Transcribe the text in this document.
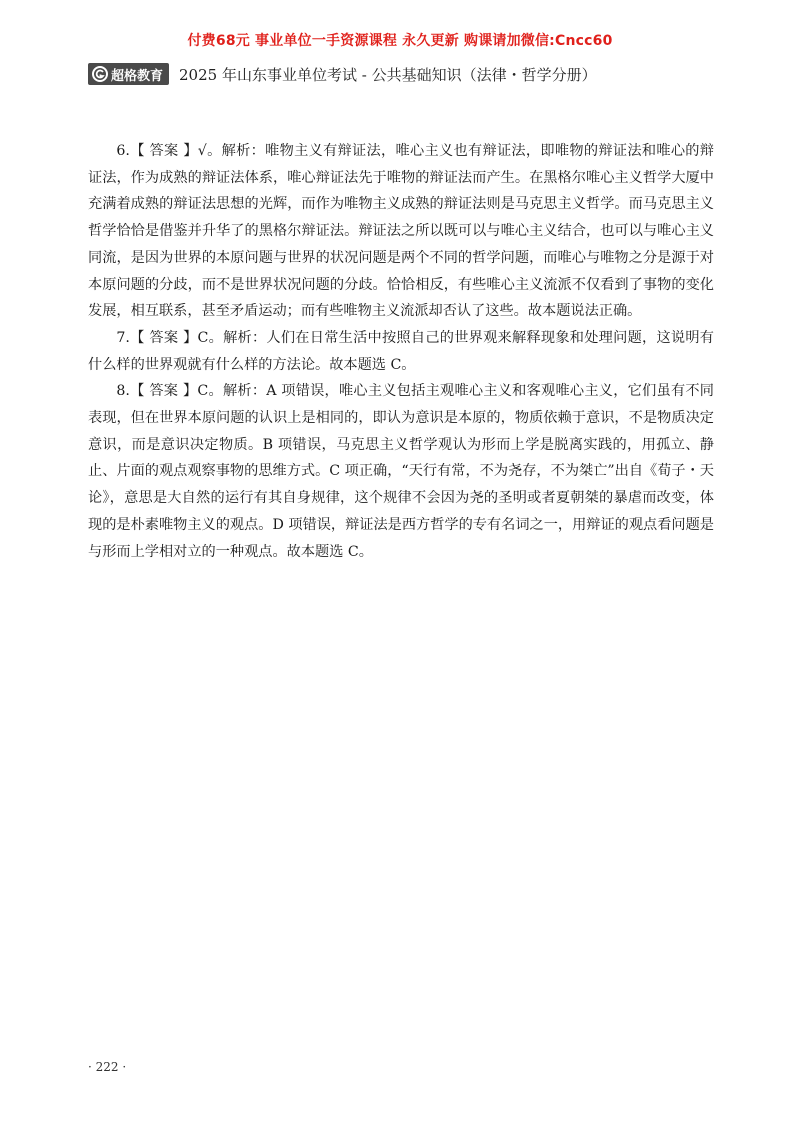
付费68元 事业单位一手资源课程 永久更新 购课请加微信:Cncc60
超格教育 2025 年山东事业单位考试 - 公共基础知识（法律・哲学分册）

6.【 答案 】√。解析：唯物主义有辩证法，唯心主义也有辩证法，即唯物的辩证法和唯心的辩证法，作为成熟的辩证法体系，唯心辩证法先于唯物的辩证法而产生。在黑格尔唯心主义哲学大厦中充满着成熟的辩证法思想的光辉，而作为唯物主义成熟的辩证法则是马克思主义哲学。而马克思主义哲学恰恰是借鉴并升华了的黑格尔辩证法。辩证法之所以既可以与唯心主义结合，也可以与唯心主义同流，是因为世界的本原问题与世界的状况问题是两个不同的哲学问题，而唯心与唯物之分是源于对本原问题的分歧，而不是世界状况问题的分歧。恰恰相反，有些唯心主义流派不仅看到了事物的变化发展，相互联系，甚至矛盾运动；而有些唯物主义流派却否认了这些。故本题说法正确。

7.【 答案 】C。解析：人们在日常生活中按照自己的世界观来解释现象和处理问题，这说明有什么样的世界观就有什么样的方法论。故本题选 C。

8.【 答案 】C。解析：A 项错误，唯心主义包括主观唯心主义和客观唯心主义，它们虽有不同表现，但在世界本原问题的认识上是相同的，即认为意识是本原的，物质依赖于意识，不是物质决定意识，而是意识决定物质。B 项错误，马克思主义哲学观认为形而上学是脱离实践的，用孤立、静止、片面的观点观察事物的思维方式。C 项正确，“天行有常，不为尧存，不为桀亡”出自《荀子・天论》，意思是大自然的运行有其自身规律，这个规律不会因为尧的圣明或者夏朝桀的暴虐而改变，体现的是朴素唯物主义的观点。D 项错误，辩证法是西方哲学的专有名词之一，用辩证的观点看问题是与形而上学相对立的一种观点。故本题选 C。

· 222 ·
